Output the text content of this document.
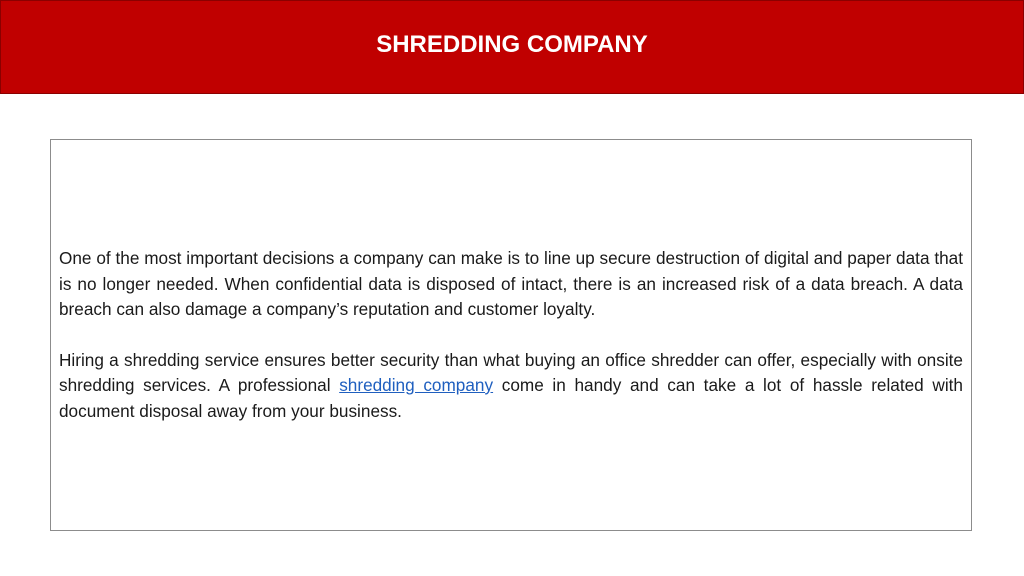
SHREDDING COMPANY

One of the most important decisions a company can make is to line up secure destruction of digital and paper data that is no longer needed. When confidential data is disposed of intact, there is an increased risk of a data breach. A data breach can also damage a company’s reputation and customer loyalty.

Hiring a shredding service ensures better security than what buying an office shredder can offer, especially with onsite shredding services. A professional shredding company come in handy and can take a lot of hassle related with document disposal away from your business.
